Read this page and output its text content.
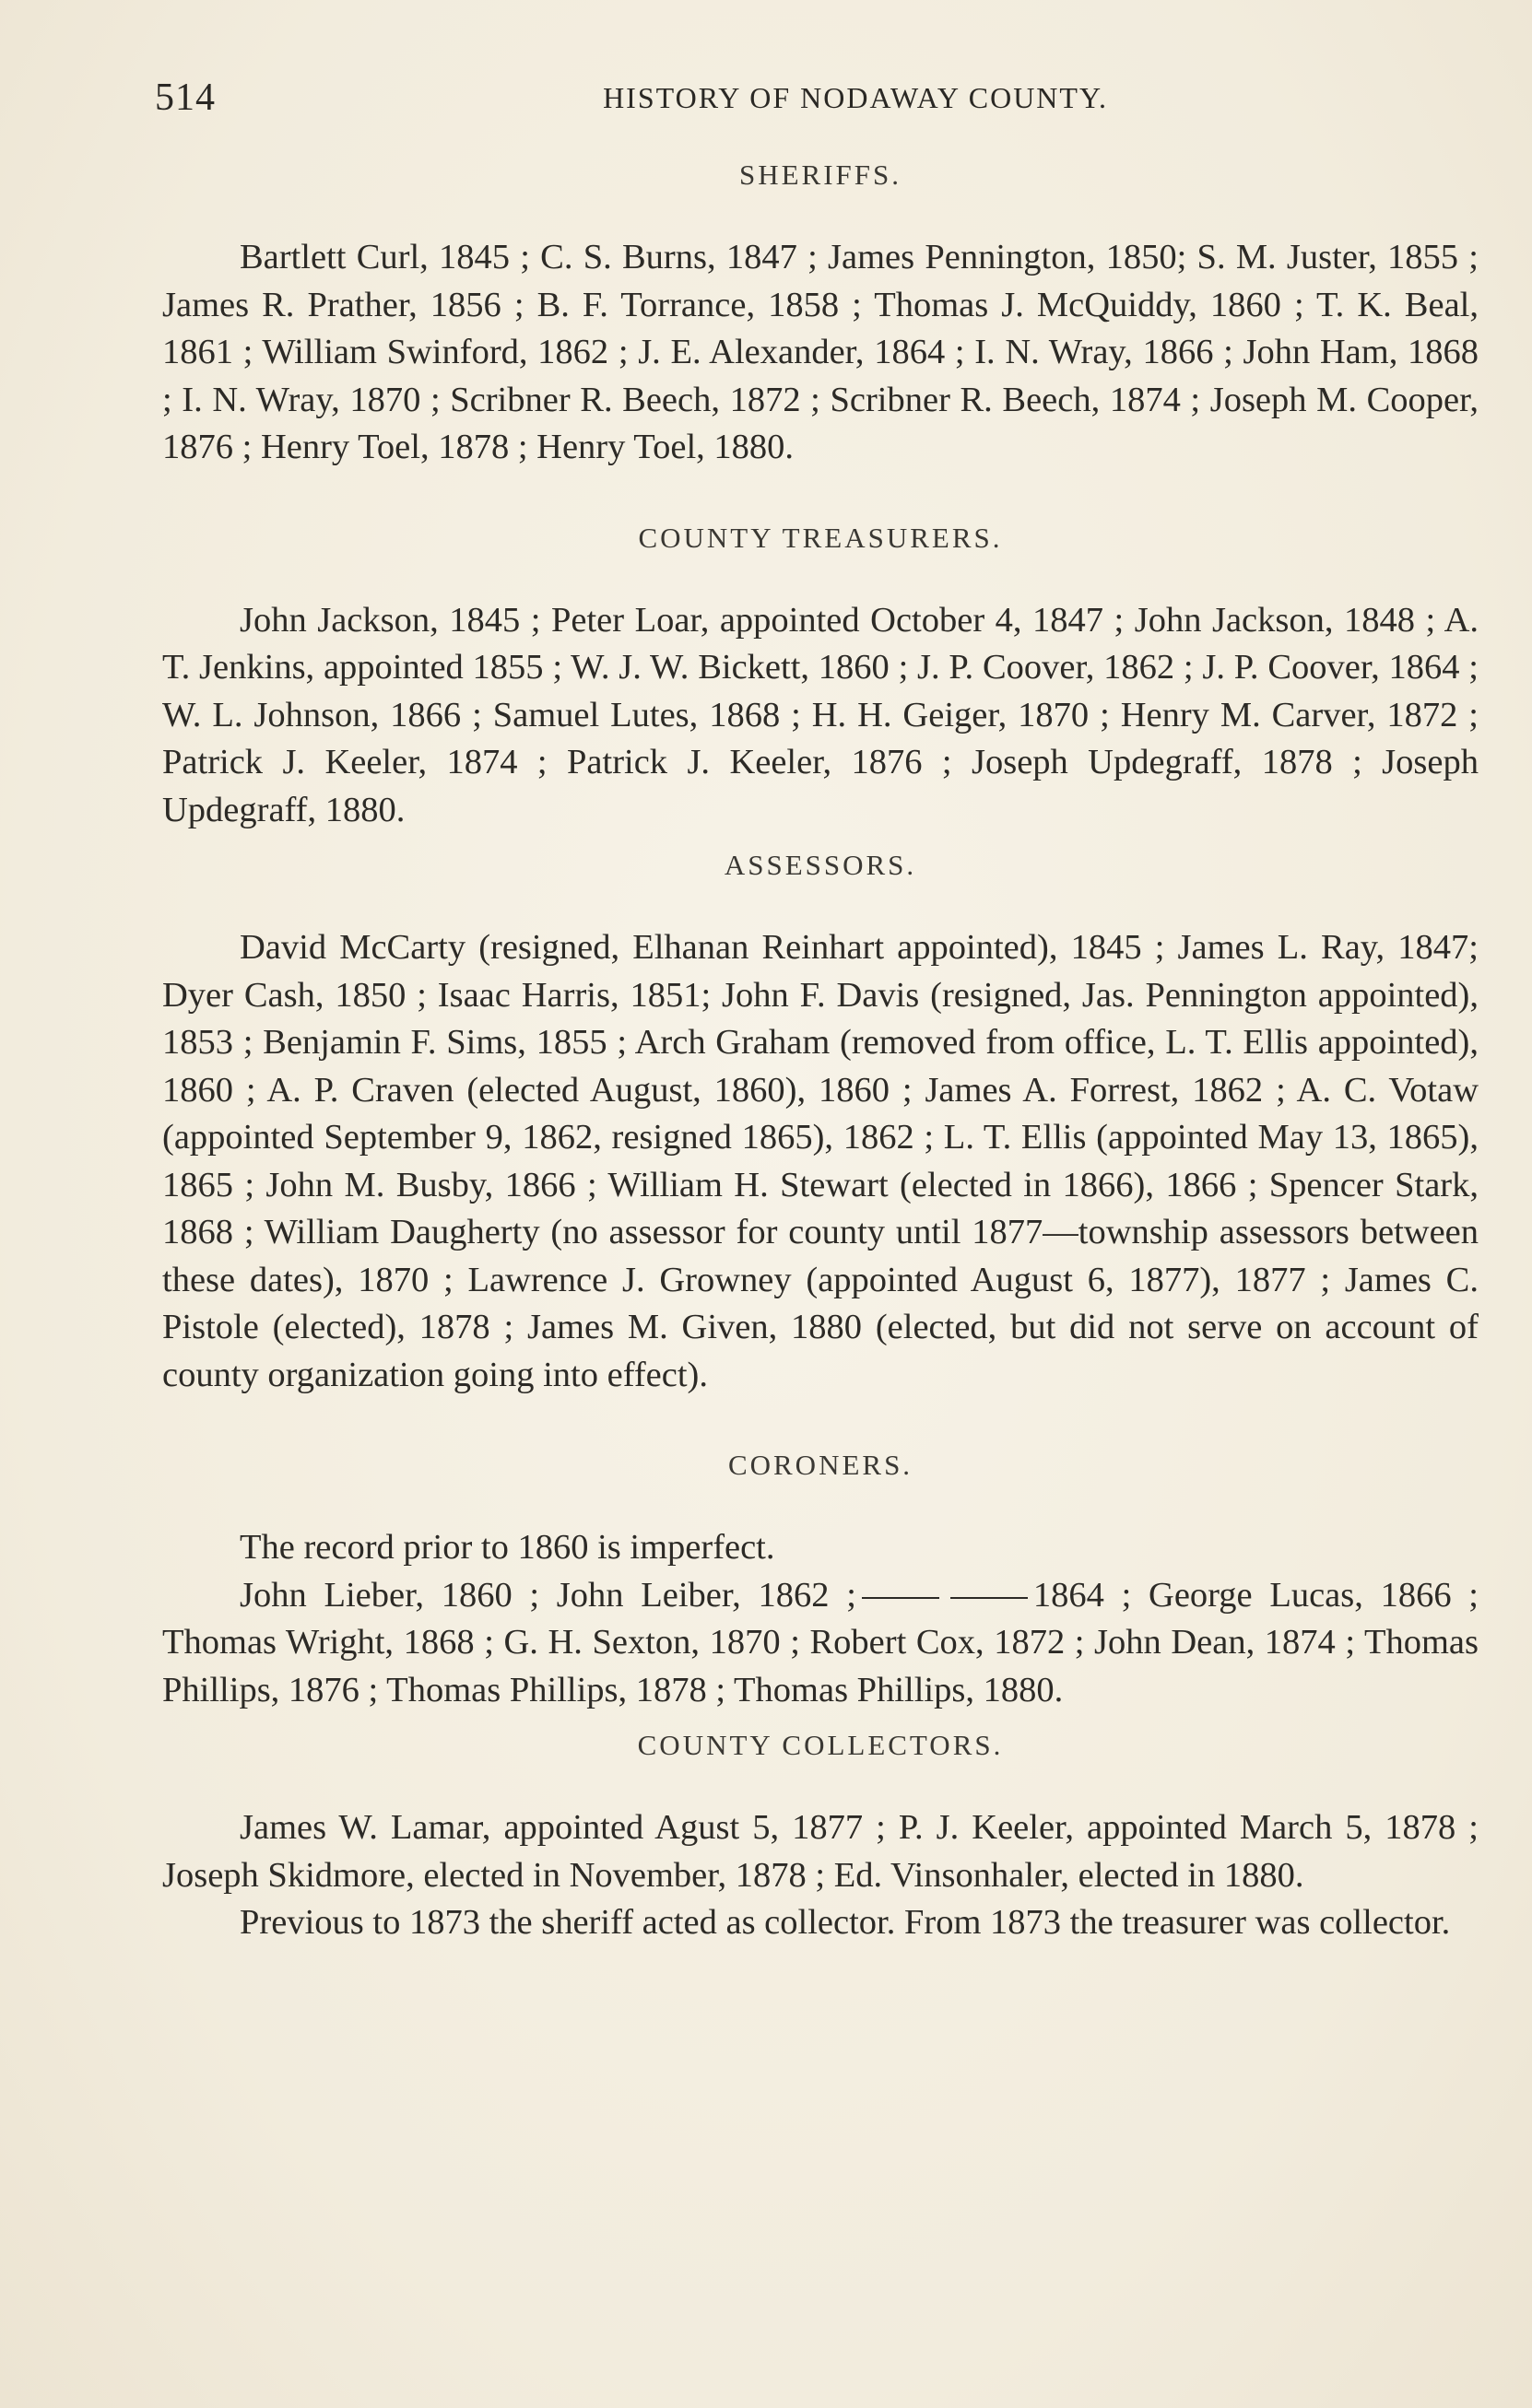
514	HISTORY OF NODAWAY COUNTY.
SHERIFFS.

Bartlett Curl, 1845 ; C. S. Burns, 1847 ; James Pennington, 1850; S. M. Juster, 1855 ; James R. Prather, 1856 ; B. F. Torrance, 1858 ; Thomas J. McQuiddy, 1860 ; T. K. Beal, 1861 ; William Swinford, 1862 ; J. E. Alexander, 1864 ; I. N. Wray, 1866 ; John Ham, 1868 ; I. N. Wray, 1870 ; Scribner R. Beech, 1872 ; Scribner R. Beech, 1874 ; Joseph M. Cooper, 1876 ; Henry Toel, 1878 ; Henry Toel, 1880.

COUNTY TREASURERS.

John Jackson, 1845 ; Peter Loar, appointed October 4, 1847 ; John Jackson, 1848 ; A. T. Jenkins, appointed 1855 ; W. J. W. Bickett, 1860 ; J. P. Coover, 1862 ; J. P. Coover, 1864 ; W. L. Johnson, 1866 ; Samuel Lutes, 1868 ; H. H. Geiger, 1870 ; Henry M. Carver, 1872 ; Patrick J. Keeler, 1874 ; Patrick J. Keeler, 1876 ; Joseph Updegraff, 1878 ; Joseph Updegraff, 1880.

ASSESSORS.

David McCarty (resigned, Elhanan Reinhart appointed), 1845 ; James L. Ray, 1847; Dyer Cash, 1850 ; Isaac Harris, 1851; John F. Davis (resigned, Jas. Pennington appointed), 1853 ; Benjamin F. Sims, 1855 ; Arch Graham (removed from office, L. T. Ellis appointed), 1860 ; A. P. Craven (elected August, 1860), 1860 ; James A. Forrest, 1862 ; A. C. Votaw (appointed September 9, 1862, resigned 1865), 1862 ; L. T. Ellis (appointed May 13, 1865), 1865 ; John M. Busby, 1866 ; William H. Stewart (elected in 1866), 1866 ; Spencer Stark, 1868 ; William Daugherty (no assessor for county until 1877—township assessors between these dates), 1870 ; Lawrence J. Growney (appointed August 6, 1877), 1877 ; James C. Pistole (elected), 1878 ; James M. Given, 1880 (elected, but did not serve on account of county organization going into effect).

CORONERS.

The record prior to 1860 is imperfect.

John Lieber, 1860 ; John Leiber, 1862 ;	1864 ; George Lucas, 1866 ; Thomas Wright, 1868 ; G. H. Sexton, 1870 ; Robert Cox, 1872 ; John Dean, 1874 ; Thomas Phillips, 1876 ; Thomas Phillips, 1878 ; Thomas Phillips, 1880.

COUNTY COLLECTORS.

James W. Lamar, appointed Agust 5, 1877 ; P. J. Keeler, appointed March 5, 1878 ; Joseph Skidmore, elected in November, 1878 ; Ed. Vinsonhaler, elected in 1880.

Previous to 1873 the sheriff acted as collector. From 1873 the treasurer was collector.
